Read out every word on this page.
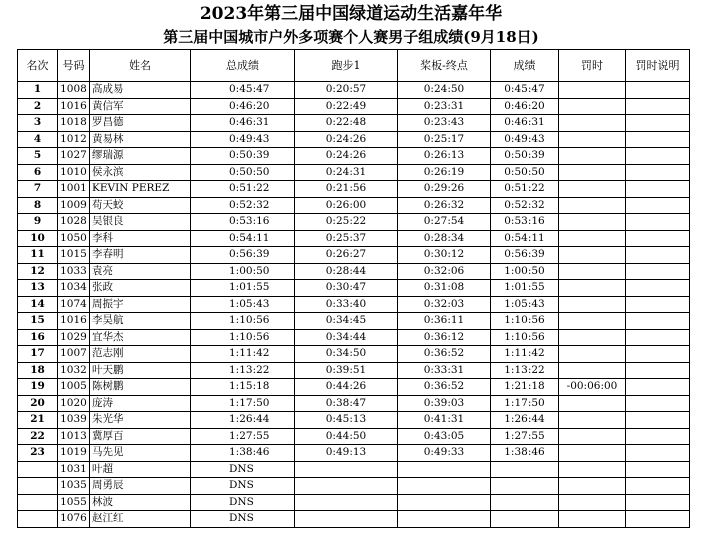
2023年第三届中国绿道运动生活嘉年华
第三届中国城市户外多项赛个人赛男子组成绩(9月18日)
名次	号码	姓名	总成绩	跑步1	桨板-终点	成绩	罚时	罚时说明
1	1008	高成易	0:45:47	0:20:57	0:24:50	0:45:47		
2	1016	黄信军	0:46:20	0:22:49	0:23:31	0:46:20		
3	1018	罗昌德	0:46:31	0:22:48	0:23:43	0:46:31		
4	1012	黄易林	0:49:43	0:24:26	0:25:17	0:49:43		
5	1027	缪瑞源	0:50:39	0:24:26	0:26:13	0:50:39		
6	1010	侯永滨	0:50:50	0:24:31	0:26:19	0:50:50		
7	1001	KEVIN PEREZ	0:51:22	0:21:56	0:29:26	0:51:22		
8	1009	苟天蛟	0:52:32	0:26:00	0:26:32	0:52:32		
9	1028	吴银良	0:53:16	0:25:22	0:27:54	0:53:16		
10	1050	李科	0:54:11	0:25:37	0:28:34	0:54:11		
11	1015	李春明	0:56:39	0:26:27	0:30:12	0:56:39		
12	1033	袁亮	1:00:50	0:28:44	0:32:06	1:00:50		
13	1034	张政	1:01:55	0:30:47	0:31:08	1:01:55		
14	1074	周振宇	1:05:43	0:33:40	0:32:03	1:05:43		
15	1016	李昊航	1:10:56	0:34:45	0:36:11	1:10:56		
16	1029	宜华杰	1:10:56	0:34:44	0:36:12	1:10:56		
17	1007	范志刚	1:11:42	0:34:50	0:36:52	1:11:42		
18	1032	叶天鹏	1:13:22	0:39:51	0:33:31	1:13:22		
19	1005	陈树鹏	1:15:18	0:44:26	0:36:52	1:21:18	-00:06:00	
20	1020	庞涛	1:17:50	0:38:47	0:39:03	1:17:50		
21	1039	朱光华	1:26:44	0:45:13	0:41:31	1:26:44		
22	1013	冀厚百	1:27:55	0:44:50	0:43:05	1:27:55		
23	1019	马先见	1:38:46	0:49:13	0:49:33	1:38:46		
	1031	叶超	DNS					
	1035	周勇辰	DNS					
	1055	林波	DNS					
	1076	赵江红	DNS					
